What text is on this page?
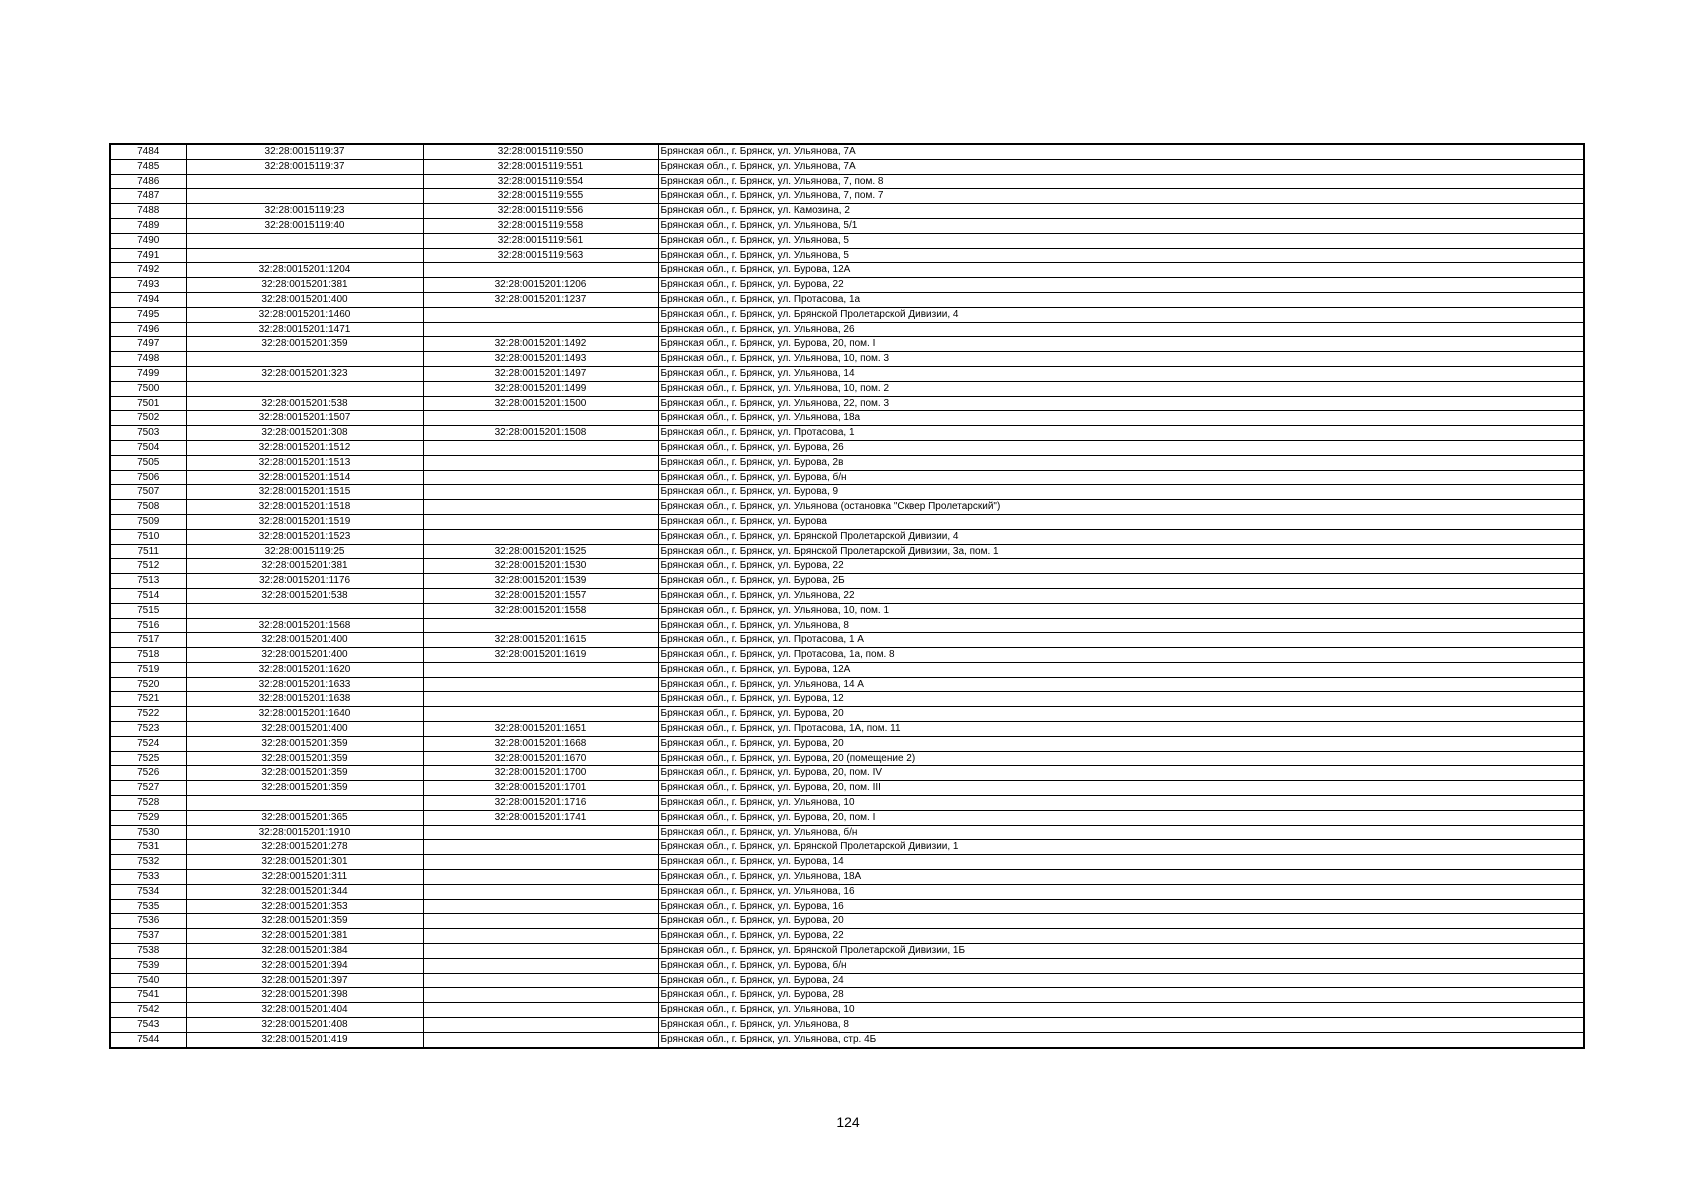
7484	32:28:0015119:37	32:28:0015119:550	Брянская обл., г. Брянск, ул. Ульянова, 7А
7485	32:28:0015119:37	32:28:0015119:551	Брянская обл., г. Брянск, ул. Ульянова, 7А
7486		32:28:0015119:554	Брянская обл., г. Брянск, ул. Ульянова, 7, пом. 8
7487		32:28:0015119:555	Брянская обл., г. Брянск, ул. Ульянова, 7, пом. 7
7488	32:28:0015119:23	32:28:0015119:556	Брянская обл., г. Брянск, ул. Камозина, 2
7489	32:28:0015119:40	32:28:0015119:558	Брянская обл., г. Брянск, ул. Ульянова, 5/1
7490		32:28:0015119:561	Брянская обл., г. Брянск, ул. Ульянова, 5
7491		32:28:0015119:563	Брянская обл., г. Брянск, ул. Ульянова, 5
7492	32:28:0015201:1204		Брянская обл., г. Брянск, ул. Бурова, 12А
7493	32:28:0015201:381	32:28:0015201:1206	Брянская обл., г. Брянск, ул. Бурова, 22
7494	32:28:0015201:400	32:28:0015201:1237	Брянская обл., г. Брянск, ул. Протасова, 1а
7495	32:28:0015201:1460		Брянская обл., г. Брянск, ул. Брянской Пролетарской Дивизии, 4
7496	32:28:0015201:1471		Брянская обл., г. Брянск, ул. Ульянова, 26
7497	32:28:0015201:359	32:28:0015201:1492	Брянская обл., г. Брянск, ул. Бурова, 20, пом. I
7498		32:28:0015201:1493	Брянская обл., г. Брянск, ул. Ульянова, 10, пом. 3
7499	32:28:0015201:323	32:28:0015201:1497	Брянская обл., г. Брянск, ул. Ульянова, 14
7500		32:28:0015201:1499	Брянская обл., г. Брянск, ул. Ульянова, 10, пом. 2
7501	32:28:0015201:538	32:28:0015201:1500	Брянская обл., г. Брянск, ул. Ульянова, 22, пом. 3
7502	32:28:0015201:1507		Брянская обл., г. Брянск, ул. Ульянова, 18а
7503	32:28:0015201:308	32:28:0015201:1508	Брянская обл., г. Брянск, ул. Протасова, 1
7504	32:28:0015201:1512		Брянская обл., г. Брянск, ул. Бурова, 26
7505	32:28:0015201:1513		Брянская обл., г. Брянск, ул. Бурова, 2в
7506	32:28:0015201:1514		Брянская обл., г. Брянск, ул. Бурова, б/н
7507	32:28:0015201:1515		Брянская обл., г. Брянск, ул. Бурова, 9
7508	32:28:0015201:1518		Брянская обл., г. Брянск, ул. Ульянова (остановка "Сквер Пролетарский")
7509	32:28:0015201:1519		Брянская обл., г. Брянск, ул. Бурова
7510	32:28:0015201:1523		Брянская обл., г. Брянск, ул. Брянской Пролетарской Дивизии, 4
7511	32:28:0015119:25	32:28:0015201:1525	Брянская обл., г. Брянск, ул. Брянской Пролетарской Дивизии, 3а, пом. 1
7512	32:28:0015201:381	32:28:0015201:1530	Брянская обл., г. Брянск, ул. Бурова, 22
7513	32:28:0015201:1176	32:28:0015201:1539	Брянская обл., г. Брянск, ул. Бурова, 2Б
7514	32:28:0015201:538	32:28:0015201:1557	Брянская обл., г. Брянск, ул. Ульянова, 22
7515		32:28:0015201:1558	Брянская обл., г. Брянск, ул. Ульянова, 10, пом. 1
7516	32:28:0015201:1568		Брянская обл., г. Брянск, ул. Ульянова, 8
7517	32:28:0015201:400	32:28:0015201:1615	Брянская обл., г. Брянск, ул. Протасова, 1 А
7518	32:28:0015201:400	32:28:0015201:1619	Брянская обл., г. Брянск, ул. Протасова, 1а, пом. 8
7519	32:28:0015201:1620		Брянская обл., г. Брянск, ул. Бурова, 12А
7520	32:28:0015201:1633		Брянская обл., г. Брянск, ул. Ульянова, 14 А
7521	32:28:0015201:1638		Брянская обл., г. Брянск, ул. Бурова, 12
7522	32:28:0015201:1640		Брянская обл., г. Брянск, ул. Бурова, 20
7523	32:28:0015201:400	32:28:0015201:1651	Брянская обл., г. Брянск, ул. Протасова, 1А, пом. 11
7524	32:28:0015201:359	32:28:0015201:1668	Брянская обл., г. Брянск, ул. Бурова, 20
7525	32:28:0015201:359	32:28:0015201:1670	Брянская обл., г. Брянск, ул. Бурова, 20 (помещение 2)
7526	32:28:0015201:359	32:28:0015201:1700	Брянская обл., г. Брянск, ул. Бурова, 20, пом. IV
7527	32:28:0015201:359	32:28:0015201:1701	Брянская обл., г. Брянск, ул. Бурова, 20, пом. III
7528		32:28:0015201:1716	Брянская обл., г. Брянск, ул. Ульянова, 10
7529	32:28:0015201:365	32:28:0015201:1741	Брянская обл., г. Брянск, ул. Бурова, 20, пом. I
7530	32:28:0015201:1910		Брянская обл., г. Брянск, ул. Ульянова, б/н
7531	32:28:0015201:278		Брянская обл., г. Брянск, ул. Брянской Пролетарской Дивизии, 1
7532	32:28:0015201:301		Брянская обл., г. Брянск, ул. Бурова, 14
7533	32:28:0015201:311		Брянская обл., г. Брянск, ул. Ульянова, 18А
7534	32:28:0015201:344		Брянская обл., г. Брянск, ул. Ульянова, 16
7535	32:28:0015201:353		Брянская обл., г. Брянск, ул. Бурова, 16
7536	32:28:0015201:359		Брянская обл., г. Брянск, ул. Бурова, 20
7537	32:28:0015201:381		Брянская обл., г. Брянск, ул. Бурова, 22
7538	32:28:0015201:384		Брянская обл., г. Брянск, ул. Брянской Пролетарской Дивизии, 1Б
7539	32:28:0015201:394		Брянская обл., г. Брянск, ул. Бурова, б/н
7540	32:28:0015201:397		Брянская обл., г. Брянск, ул. Бурова, 24
7541	32:28:0015201:398		Брянская обл., г. Брянск, ул. Бурова, 28
7542	32:28:0015201:404		Брянская обл., г. Брянск, ул. Ульянова, 10
7543	32:28:0015201:408		Брянская обл., г. Брянск, ул. Ульянова, 8
7544	32:28:0015201:419		Брянская обл., г. Брянск, ул. Ульянова, стр. 4Б
124
